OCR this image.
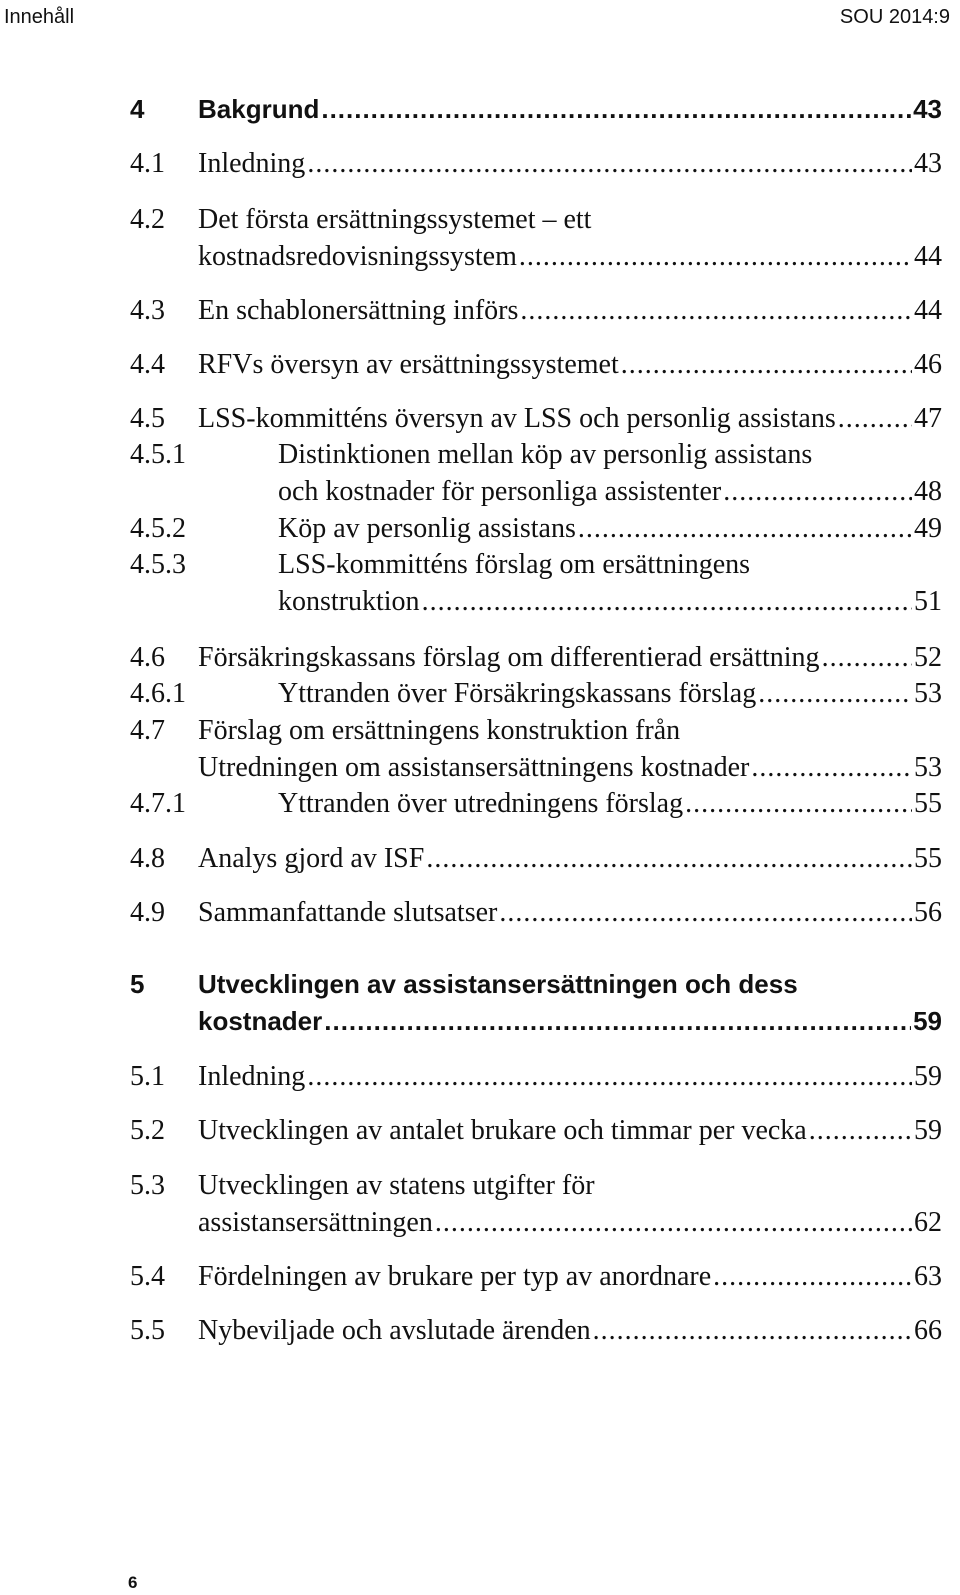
Innehåll	SOU 2014:9
4 Bakgrund .....	43
4.1 Inledning .....	43
4.2 Det första ersättningssystemet – ett
kostnadsredovisningssystem .....	44
4.3 En schablonersättning införs .....	44
4.4 RFVs översyn av ersättningssystemet .....	46
4.5 LSS-kommitténs översyn av LSS och personlig assistans .....	47
4.5.1	Distinktionen mellan köp av personlig assistans
och kostnader för personliga assistenter .....	48
4.5.2	Köp av personlig assistans .....	49
4.5.3	LSS-kommitténs förslag om ersättningens
konstruktion .....	51
4.6 Försäkringskassans förslag om differentierad ersättning .....	52
4.6.1	Yttranden över Försäkringskassans förslag .....	53
4.7 Förslag om ersättningens konstruktion från
Utredningen om assistansersättningens kostnader .....	53
4.7.1	Yttranden över utredningens förslag .....	55
4.8 Analys gjord av ISF .....	55
4.9 Sammanfattande slutsatser .....	56
5 Utvecklingen av assistansersättningen och dess
kostnader .....	59
5.1 Inledning .....	59
5.2 Utvecklingen av antalet brukare och timmar per vecka .....	59
5.3 Utvecklingen av statens utgifter för
assistansersättningen .....	62
5.4 Fördelningen av brukare per typ av anordnare .....	63
5.5 Nybeviljade och avslutade ärenden .....	66
6
